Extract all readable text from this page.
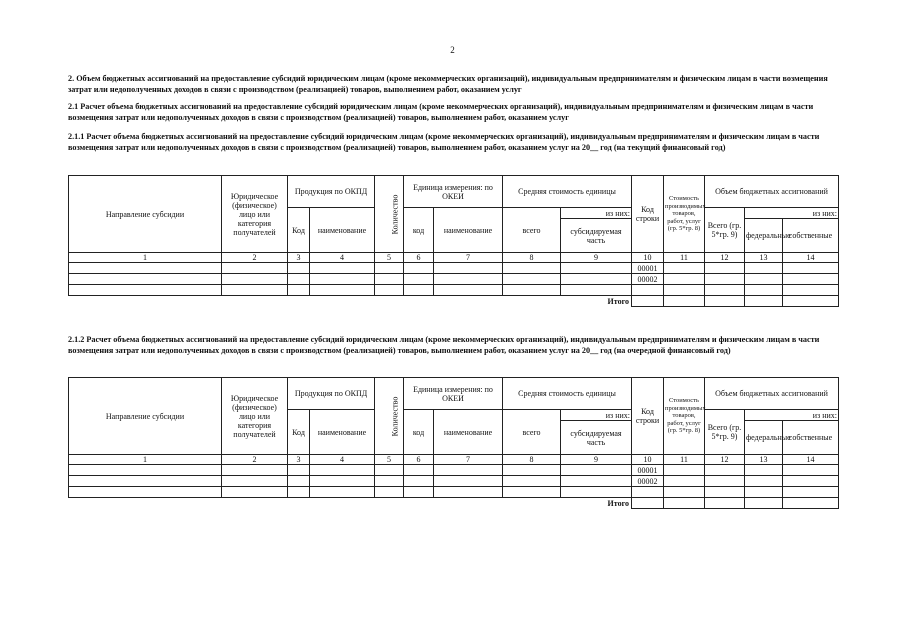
2
2. Объем бюджетных ассигнований на предоставление субсидий юридическим лицам (кроме некоммерческих организаций), индивидуальным предпринимателям и физическим лицам в части возмещения затрат или недополученных доходов в связи с производством (реализацией) товаров, выполнением работ, оказанием услуг
2.1 Расчет объема бюджетных ассигнований на предоставление субсидий юридическим лицам (кроме некоммерческих организаций), индивидуальным предпринимателям и физическим лицам в части возмещения затрат или недополученных доходов в связи с производством (реализацией) товаров, выполнением работ, оказанием услуг
2.1.1 Расчет объема бюджетных ассигнований на предоставление субсидий юридическим лицам (кроме некоммерческих организаций), индивидуальным предпринимателям и физическим лицам в части возмещения затрат или недополученных доходов в связи с производством (реализацией) товаров, выполнением работ, оказанием услуг на 20__ год (на текущий финансовый год)
Направление субсидии	Юридическое (физическое) лицо или категория получателей	Продукция по ОКПД		Количество	Единица измерения: по ОКЕИ		Средняя стоимость единицы		Код строки	Стоимость производимых товаров, работ, услуг (гр. 5*гр. 8)	Объем бюджетных ассигнований		
		Код	наименование		код	наименование	всего	из них:			Всего (гр. 5*гр. 9)	из них:	
								субсидируемая часть				федеральные	собственные
1	2	3	4	5	6	7	8	9	10	11	12	13	14
									00001				
									00002				

Итого													
2.1.2 Расчет объема бюджетных ассигнований на предоставление субсидий юридическим лицам (кроме некоммерческих организаций), индивидуальным предпринимателям и физическим лицам в части возмещения затрат или недополученных доходов в связи с производством (реализацией) товаров, выполнением работ, оказанием услуг на 20__ год (на очередной финансовый год)
Направление субсидии	Юридическое (физическое) лицо или категория получателей	Продукция по ОКПД		Количество	Единица измерения: по ОКЕИ		Средняя стоимость единицы		Код строки	Стоимость производимых товаров, работ, услуг (гр. 5*гр. 8)	Объем бюджетных ассигнований		
		Код	наименование		код	наименование	всего	из них:			Всего (гр. 5*гр. 9)	из них:	
								субсидируемая часть				федеральные	собственные
1	2	3	4	5	6	7	8	9	10	11	12	13	14
									00001				
									00002				

Итого													
